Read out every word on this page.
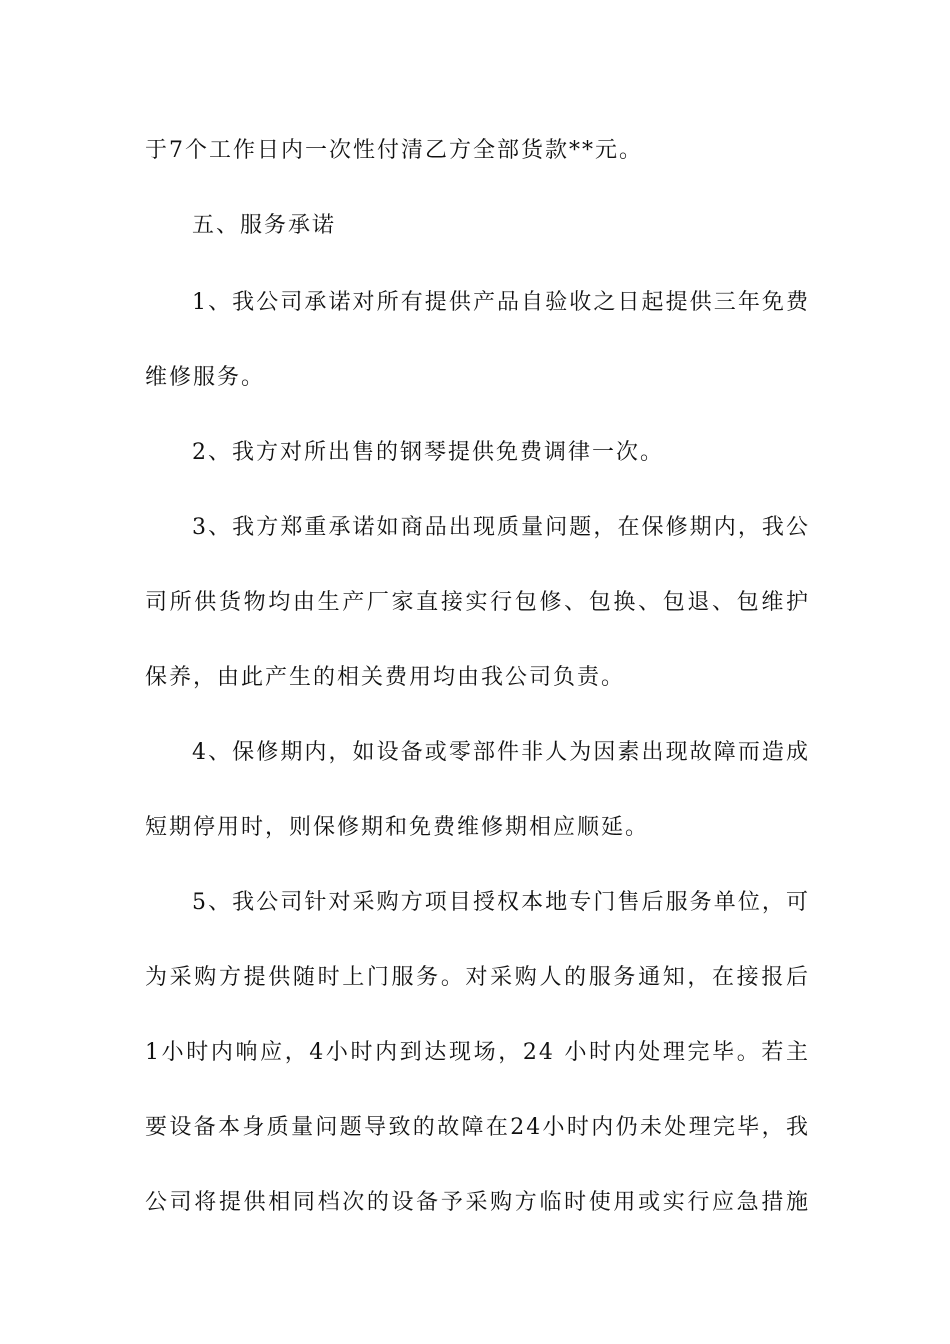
于7个工作日内一次性付清乙方全部货款**元。
五、服务承诺
1、我公司承诺对所有提供产品自验收之日起提供三年免费
维修服务。
2、我方对所出售的钢琴提供免费调律一次。
3、我方郑重承诺如商品出现质量问题，在保修期内，我公
司所供货物均由生产厂家直接实行包修、包换、包退、包维护
保养，由此产生的相关费用均由我公司负责。
4、保修期内，如设备或零部件非人为因素出现故障而造成
短期停用时，则保修期和免费维修期相应顺延。
5、我公司针对采购方项目授权本地专门售后服务单位，可
为采购方提供随时上门服务。对采购人的服务通知，在接报后
1小时内响应，4小时内到达现场，24 小时内处理完毕。若主
要设备本身质量问题导致的故障在24小时内仍未处理完毕，我
公司将提供相同档次的设备予采购方临时使用或实行应急措施
